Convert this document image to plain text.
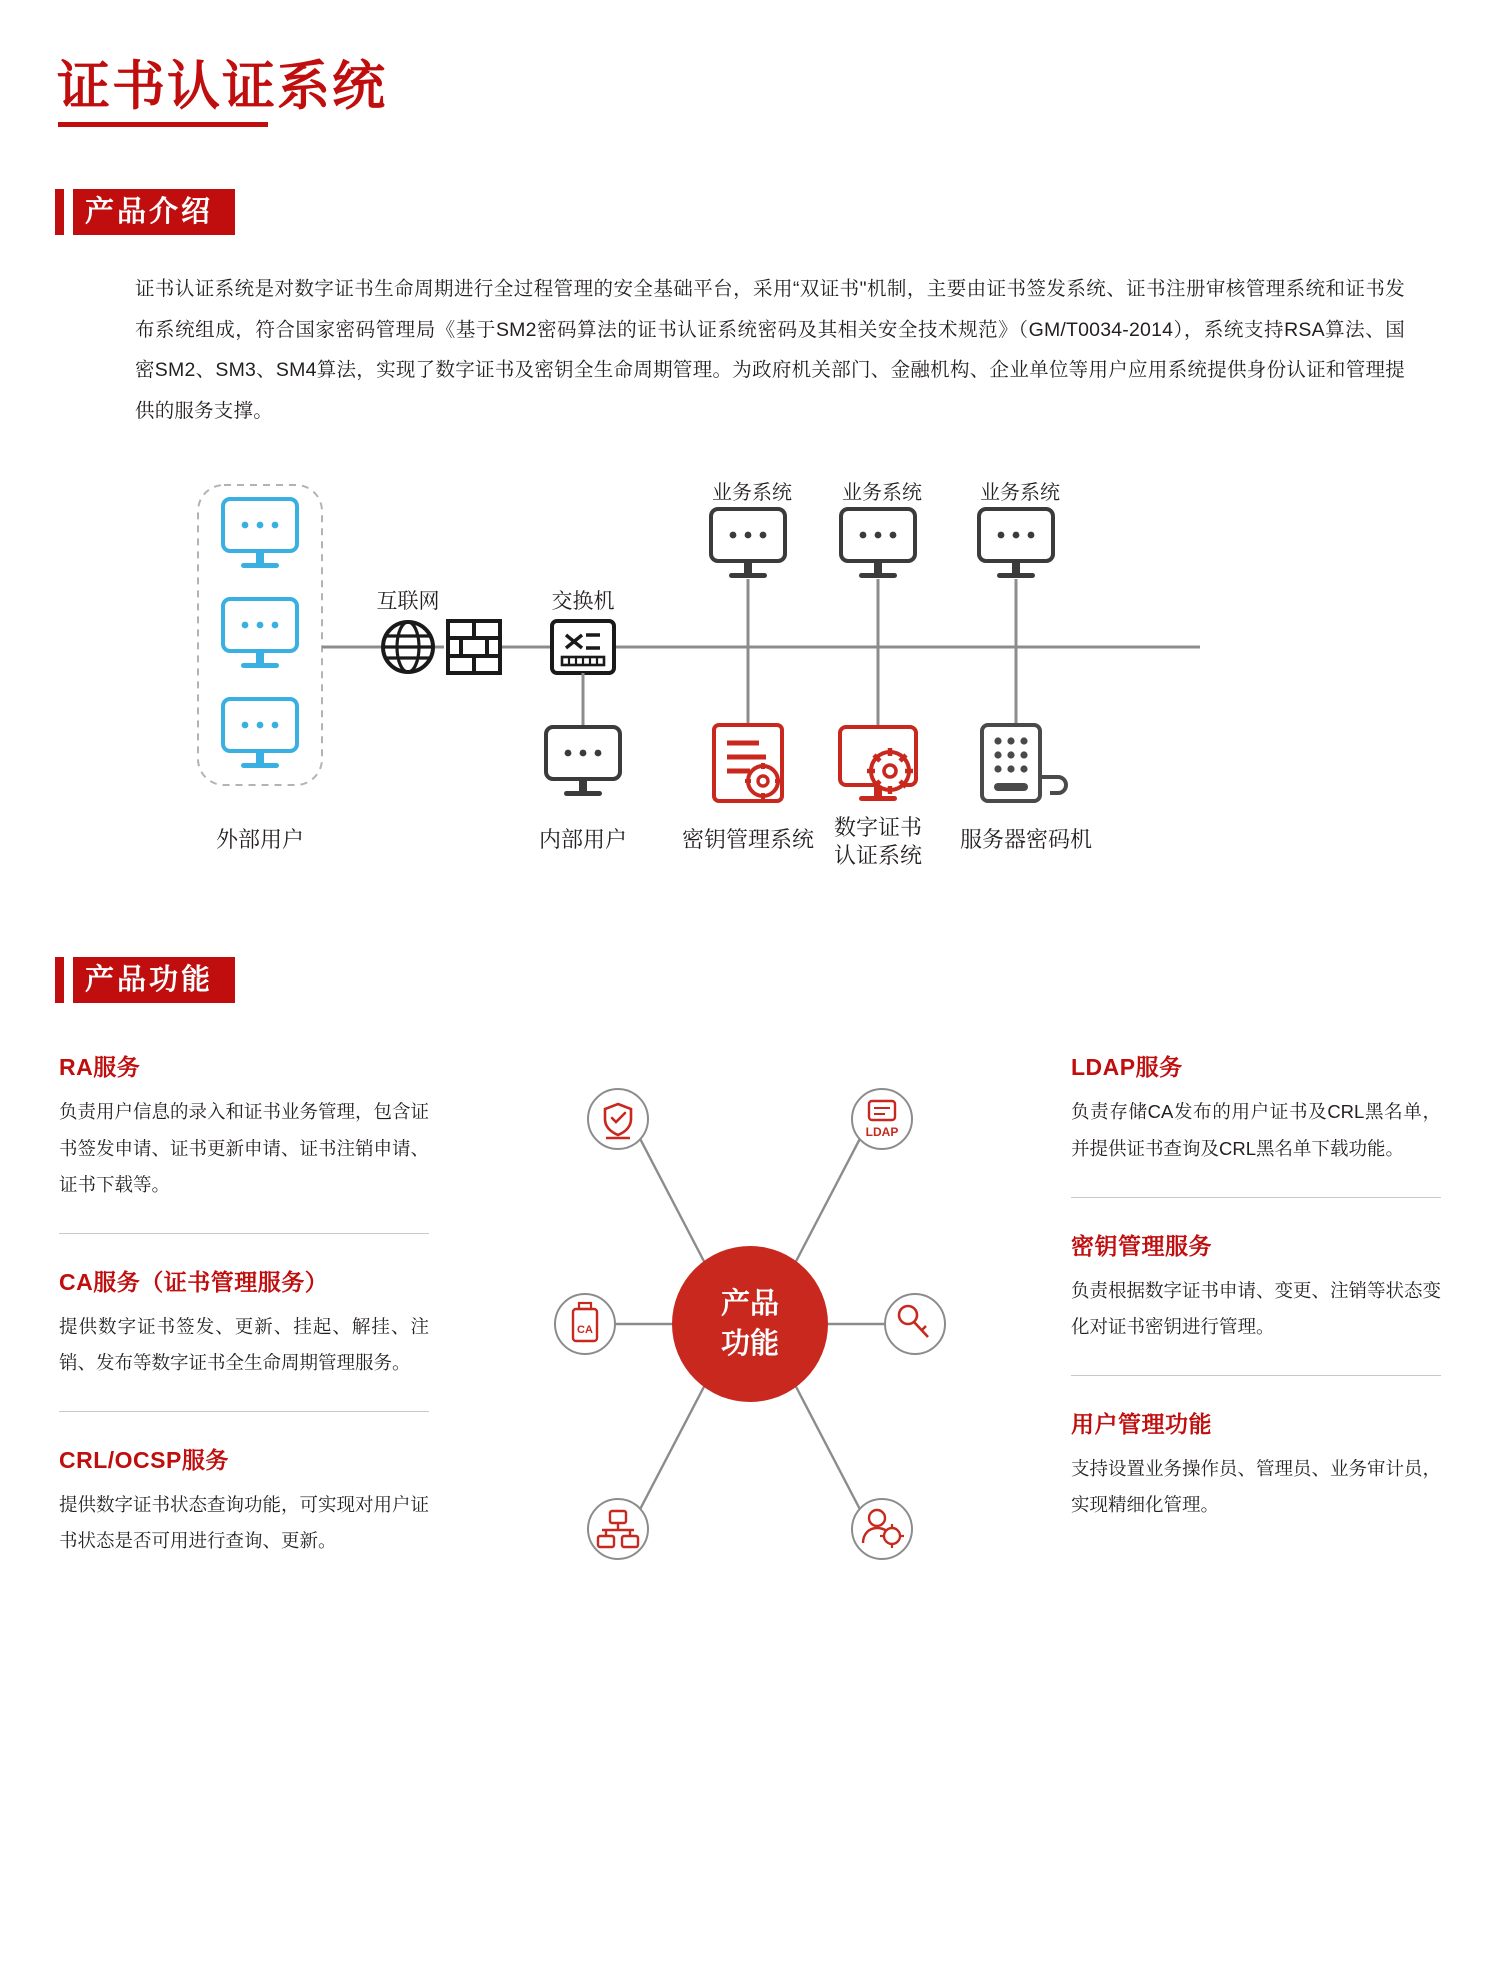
证书认证系统
产品介绍

证书认证系统是对数字证书生命周期进行全过程管理的安全基础平台，采用“双证书"机制，主要由证书签发系统、证书注册审核管理系统和证书发布系统组成，符合国家密码管理局《基于SM2密码算法的证书认证系统密码及其相关安全技术规范》（GM/T0034-2014），系统支持RSA算法、国密SM2、SM3、SM4算法，实现了数字证书及密钥全生命周期管理。为政府机关部门、金融机构、企业单位等用户应用系统提供身份认证和管理提供的服务支撑。

业务系统	业务系统	业务系统
互联网	交换机
外部用户	内部用户 密钥管理系统 数字证书
认证系统
服务器密码机
产品功能
RA服务
负责用户信息的录入和证书业务管理，包含证书签发申请、证书更新申请、证书注销申请、证书下载等。
CA服务（证书管理服务）
提供数字证书签发、更新、挂起、解挂、注销、发布等数字证书全生命周期管理服务。
CRL/OCSP服务
提供数字证书状态查询功能，可实现对用户证书状态是否可用进行查询、更新。
产品
功能
LDAP
CA
LDAP服务
负责存储CA发布的用户证书及CRL黑名单，并提供证书查询及CRL黑名单下载功能。
密钥管理服务
负责根据数字证书申请、变更、注销等状态变化对证书密钥进行管理。
用户管理功能
支持设置业务操作员、管理员、业务审计员，实现精细化管理。
